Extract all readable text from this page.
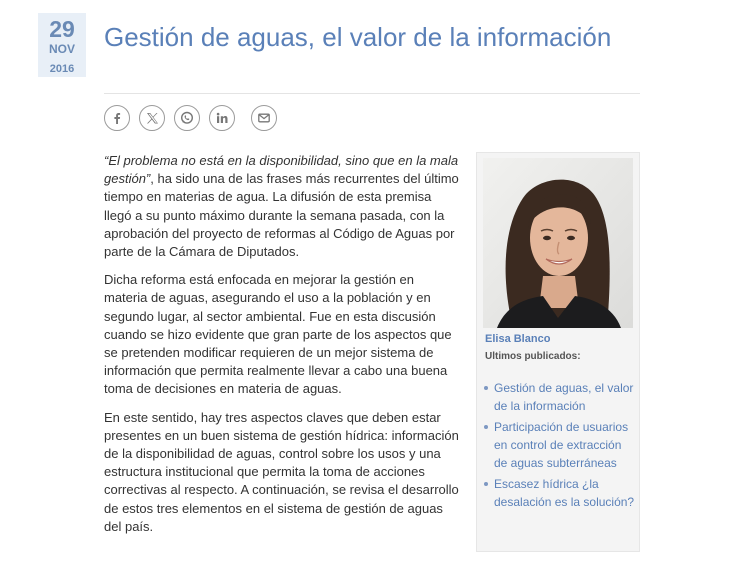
29
NOV
2016
Gestión de aguas, el valor de la información

“El problema no está en la disponibilidad, sino que en la mala gestión”, ha sido una de las frases más recurrentes del último tiempo en materias de agua. La difusión de esta premisa llegó a su punto máximo durante la semana pasada, con la aprobación del proyecto de reformas al Código de Aguas por parte de la Cámara de Diputados.

Dicha reforma está enfocada en mejorar la gestión en materia de aguas, asegurando el uso a la población y en segundo lugar, al sector ambiental. Fue en esta discusión cuando se hizo evidente que gran parte de los aspectos que se pretenden modificar requieren de un mejor sistema de información que permita realmente llevar a cabo una buena toma de decisiones en materia de aguas.

En este sentido, hay tres aspectos claves que deben estar presentes en un buen sistema de gestión hídrica: información de la disponibilidad de aguas, control sobre los usos y una estructura institucional que permita la toma de acciones correctivas al respecto. A continuación, se revisa el desarrollo de estos tres elementos en el sistema de gestión de aguas del país.

Elisa Blanco
Ultimos publicados:
Gestión de aguas, el valor de la información
Participación de usuarios en control de extracción de aguas subterráneas
Escasez hídrica ¿la desalación es la solución?
